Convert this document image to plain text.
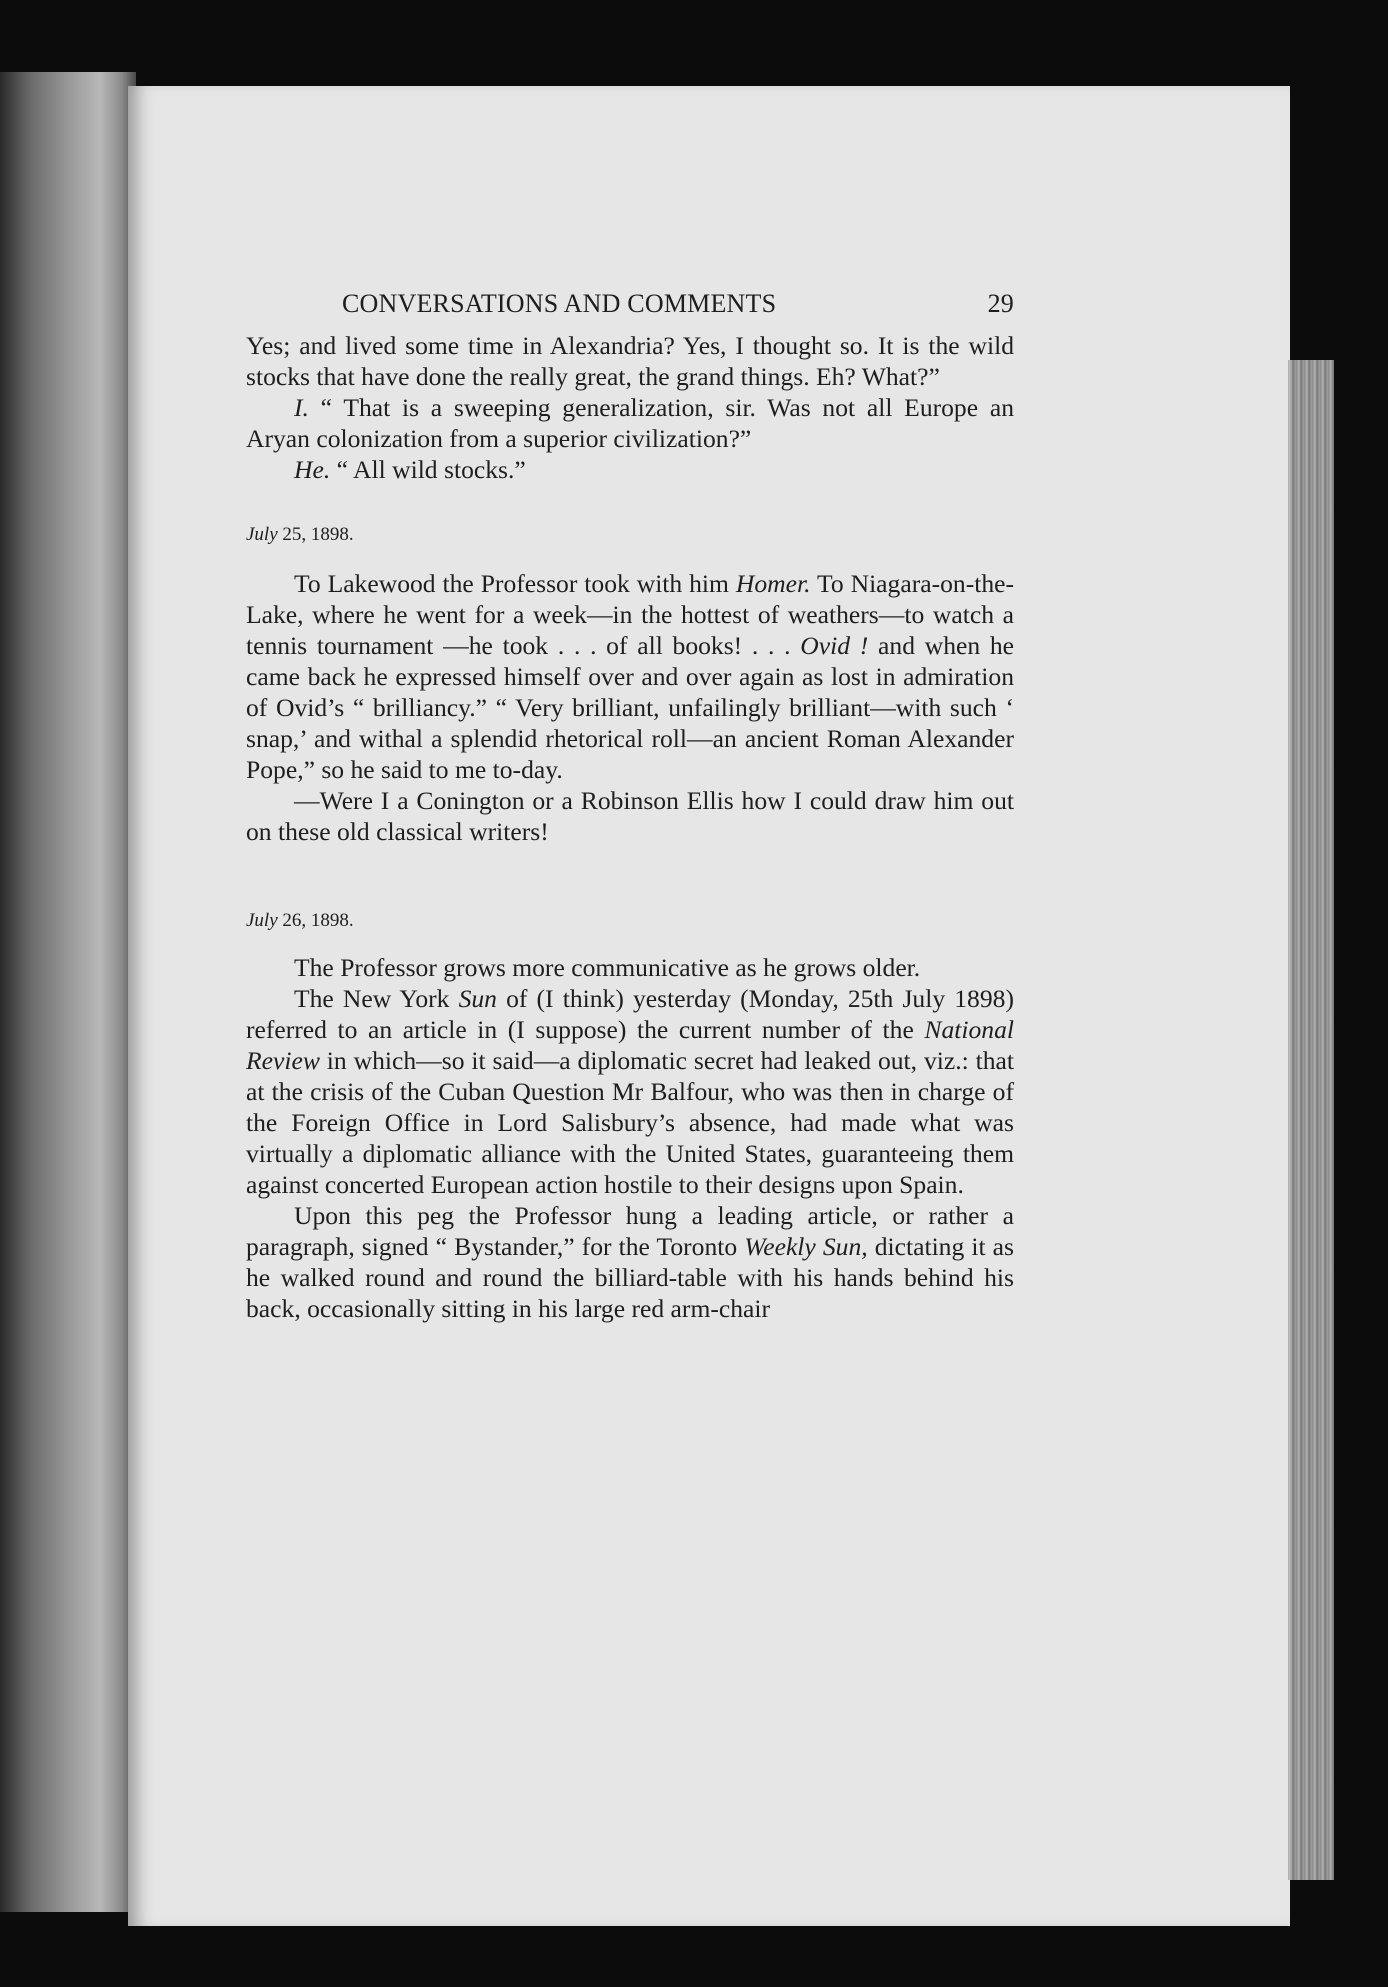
CONVERSATIONS AND COMMENTS	29

Yes; and lived some time in Alexandria? Yes, I thought so. It is the wild stocks that have done the really great, the grand things. Eh? What?”

I. “ That is a sweeping generalization, sir. Was not all Europe an Aryan colonization from a superior civilization?”

He. “ All wild stocks.”

July 25, 1898.

To Lakewood the Professor took with him Homer. To Niagara-on-the-Lake, where he went for a week—in the hottest of weathers—to watch a tennis tournament —he took . . . of all books! . . . Ovid ! and when he came back he expressed himself over and over again as lost in admiration of Ovid’s “ brilliancy.” “ Very brilliant, unfailingly brilliant—with such ‘ snap,’ and withal a splendid rhetorical roll—an ancient Roman Alexander Pope,” so he said to me to-day.

—Were I a Conington or a Robinson Ellis how I could draw him out on these old classical writers!

July 26, 1898.

The Professor grows more communicative as he grows older.

The New York Sun of (I think) yesterday (Monday, 25th July 1898) referred to an article in (I suppose) the current number of the National Review in which—so it said—a diplomatic secret had leaked out, viz.: that at the crisis of the Cuban Question Mr Balfour, who was then in charge of the Foreign Office in Lord Salisbury’s absence, had made what was virtually a diplomatic alliance with the United States, guaranteeing them against concerted European action hostile to their designs upon Spain.

Upon this peg the Professor hung a leading article, or rather a paragraph, signed “ Bystander,” for the Toronto Weekly Sun, dictating it as he walked round and round the billiard-table with his hands behind his back, occasionally sitting in his large red arm-chair
